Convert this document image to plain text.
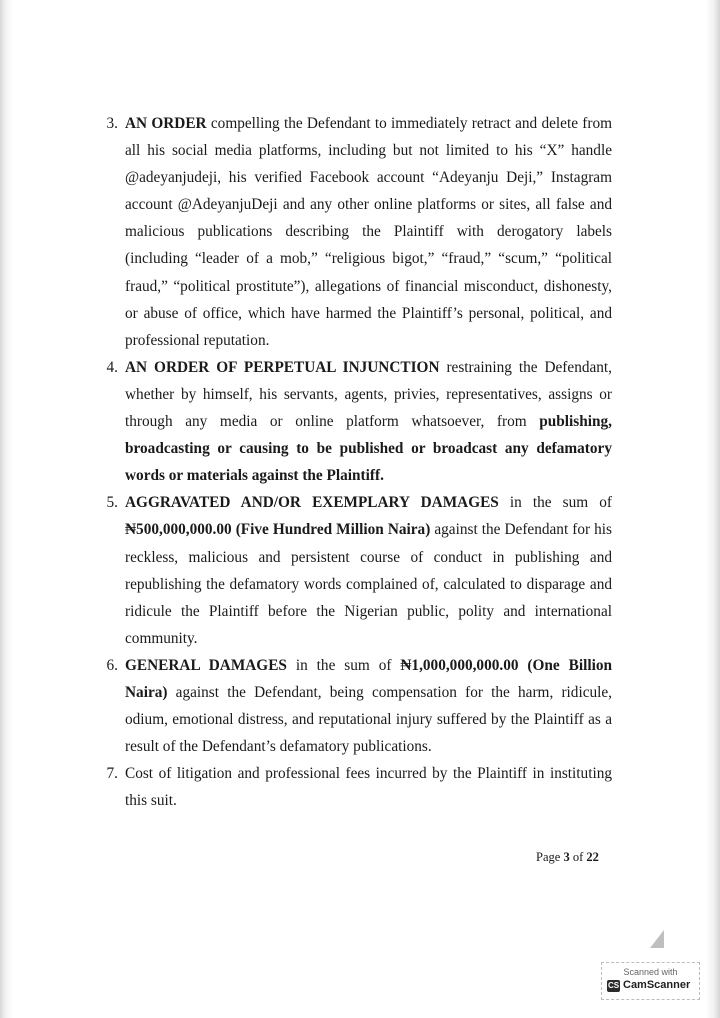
3. AN ORDER compelling the Defendant to immediately retract and delete from all his social media platforms, including but not limited to his “X” handle @adeyanjudeji, his verified Facebook account “Adeyanju Deji,” Instagram account @AdeyanjuDeji and any other online platforms or sites, all false and malicious publications describing the Plaintiff with derogatory labels (including “leader of a mob,” “religious bigot,” “fraud,” “scum,” “political fraud,” “political prostitute”), allegations of financial misconduct, dishonesty, or abuse of office, which have harmed the Plaintiff’s personal, political, and professional reputation.
4. AN ORDER OF PERPETUAL INJUNCTION restraining the Defendant, whether by himself, his servants, agents, privies, representatives, assigns or through any media or online platform whatsoever, from publishing, broadcasting or causing to be published or broadcast any defamatory words or materials against the Plaintiff.
5. AGGRAVATED AND/OR EXEMPLARY DAMAGES in the sum of ₦500,000,000.00 (Five Hundred Million Naira) against the Defendant for his reckless, malicious and persistent course of conduct in publishing and republishing the defamatory words complained of, calculated to disparage and ridicule the Plaintiff before the Nigerian public, polity and international community.
6. GENERAL DAMAGES in the sum of ₦1,000,000,000.00 (One Billion Naira) against the Defendant, being compensation for the harm, ridicule, odium, emotional distress, and reputational injury suffered by the Plaintiff as a result of the Defendant’s defamatory publications.
7. Cost of litigation and professional fees incurred by the Plaintiff in instituting this suit.
Page 3 of 22
Scanned with
CS CamScanner
